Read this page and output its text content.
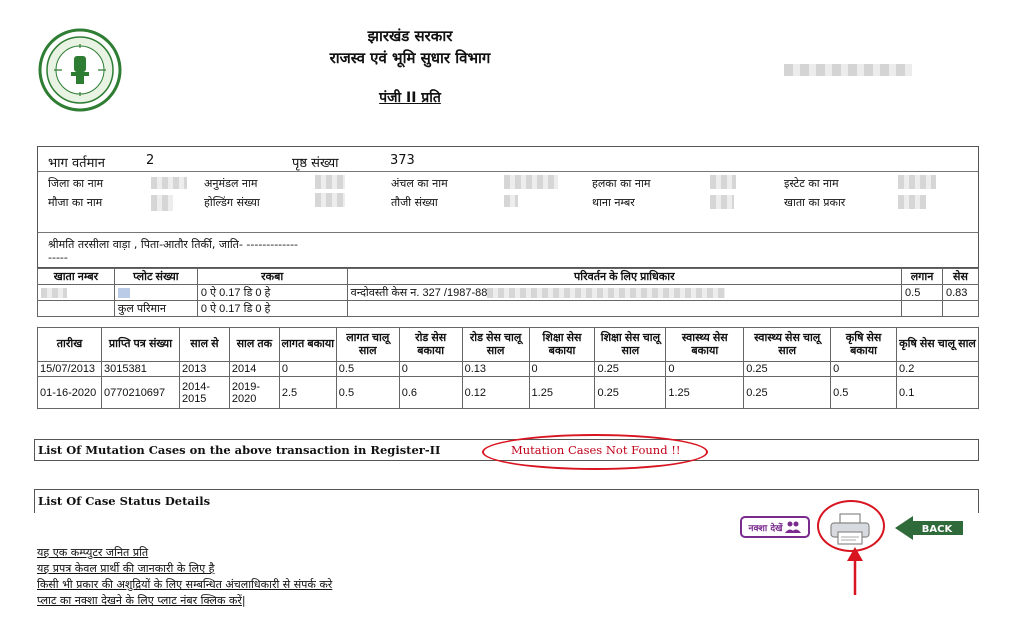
झारखंड सरकार
राजस्व एवं भूमि सुधार विभाग
पंजी II प्रति
भाग वर्तमान	2	पृष्ठ संख्या	373
जिला का नाम	अनुमंडल नाम	अंचल का नाम	हलका का नाम	इस्टेट का नाम
मौजा का नाम	होल्डिंग संख्या	तौजी संख्या	थाना नम्बर	खाता का प्रकार
श्रीमति तरसीला वाड़ा , पिता-आतौर तिर्की, जाति- -------------
-----
खाता नम्बर	प्लोट संख्या	रकबा	परिवर्तन के लिए प्राधिकार	लगान	सेस
		0 ऐ 0.17 डि 0 हे	वन्दोवस्ती केस न. 327 /1987-88	0.5	0.83
	कुल परिमान	0 ऐ 0.17 डि 0 हे			
तारीख	प्राप्ति पत्र संख्या	साल से	साल तक	लागत बकाया	लागत चालू साल	रोड सेस बकाया	रोड सेस चालू साल	शिक्षा सेस बकाया	शिक्षा सेस चालू साल	स्वास्थ्य सेस बकाया	स्वास्थ्य सेस चालू साल	कृषि सेस बकाया	कृषि सेस चालू साल
15/07/2013	3015381	2013	2014	0	0.5	0	0.13	0	0.25	0	0.25	0	0.2
01-16-2020	0770210697	2014-2015	2019-2020	2.5	0.5	0.6	0.12	1.25	0.25	1.25	0.25	0.5	0.1
List Of Mutation Cases on the above transaction in Register-II	Mutation Cases Not Found !!
List Of Case Status Details
नक्शा देखें	BACK
यह एक कम्प्युटर जनित प्रति
यह प्रपत्र केवल प्रार्थी की जानकारी के लिए है
किसी भी प्रकार की अशुद्रियों के लिए सम्बन्धित अंचलाधिकारी से संपर्क करे
प्लाट का नक्शा देखने के लिए प्लाट नंबर क्लिक करें|
